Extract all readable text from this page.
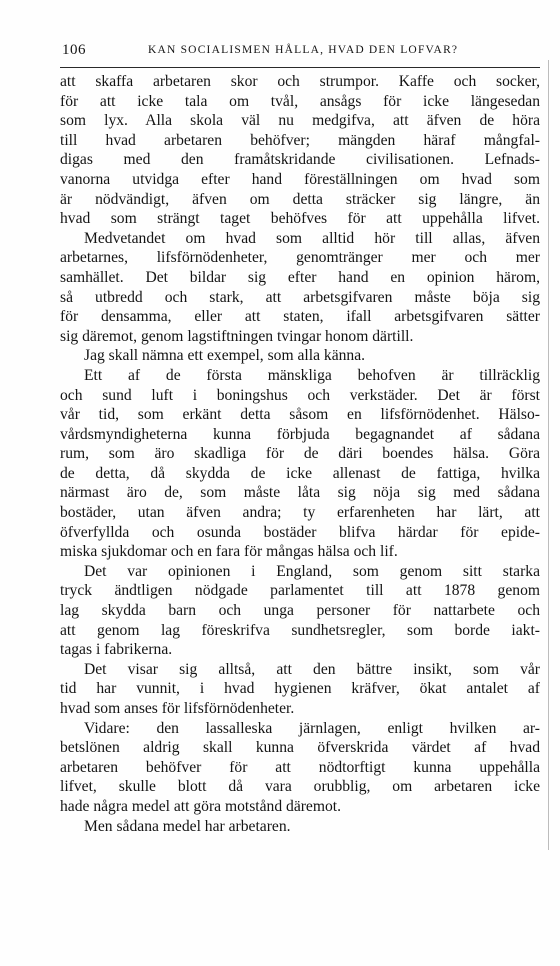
106	KAN SOCIALISMEN HÅLLA, HVAD DEN LOFVAR?
att skaffa arbetaren skor och strumpor. Kaffe och socker,
för att icke tala om tvål, ansågs för icke längesedan
som lyx. Alla skola väl nu medgifva, att äfven de höra
till hvad arbetaren behöfver; mängden häraf mångfal-
digas med den framåtskridande civilisationen. Lefnads-
vanorna utvidga efter hand föreställningen om hvad som
är nödvändigt, äfven om detta sträcker sig längre, än
hvad som strängt taget behöfves för att uppehålla lifvet.
Medvetandet om hvad som alltid hör till allas, äfven
arbetarnes, lifsförnödenheter, genomtränger mer och mer
samhället. Det bildar sig efter hand en opinion härom,
så utbredd och stark, att arbetsgifvaren måste böja sig
för densamma, eller att staten, ifall arbetsgifvaren sätter
sig däremot, genom lagstiftningen tvingar honom därtill.
Jag skall nämna ett exempel, som alla känna.
Ett af de första mänskliga behofven är tillräcklig
och sund luft i boningshus och verkstäder. Det är först
vår tid, som erkänt detta såsom en lifsförnödenhet. Hälso-
vårdsmyndigheterna kunna förbjuda begagnandet af sådana
rum, som äro skadliga för de däri boendes hälsa. Göra
de detta, då skydda de icke allenast de fattiga, hvilka
närmast äro de, som måste låta sig nöja sig med sådana
bostäder, utan äfven andra; ty erfarenheten har lärt, att
öfverfyllda och osunda bostäder blifva härdar för epide-
miska sjukdomar och en fara för mångas hälsa och lif.
Det var opinionen i England, som genom sitt starka
tryck ändtligen nödgade parlamentet till att 1878 genom
lag skydda barn och unga personer för nattarbete och
att genom lag föreskrifva sundhetsregler, som borde iakt-
tagas i fabrikerna.
Det visar sig alltså, att den bättre insikt, som vår
tid har vunnit, i hvad hygienen kräfver, ökat antalet af
hvad som anses för lifsförnödenheter.
Vidare: den lassalleska järnlagen, enligt hvilken ar-
betslönen aldrig skall kunna öfverskrida värdet af hvad
arbetaren behöfver för att nödtorftigt kunna uppehålla
lifvet, skulle blott då vara orubblig, om arbetaren icke
hade några medel att göra motstånd däremot.
Men sådana medel har arbetaren.
